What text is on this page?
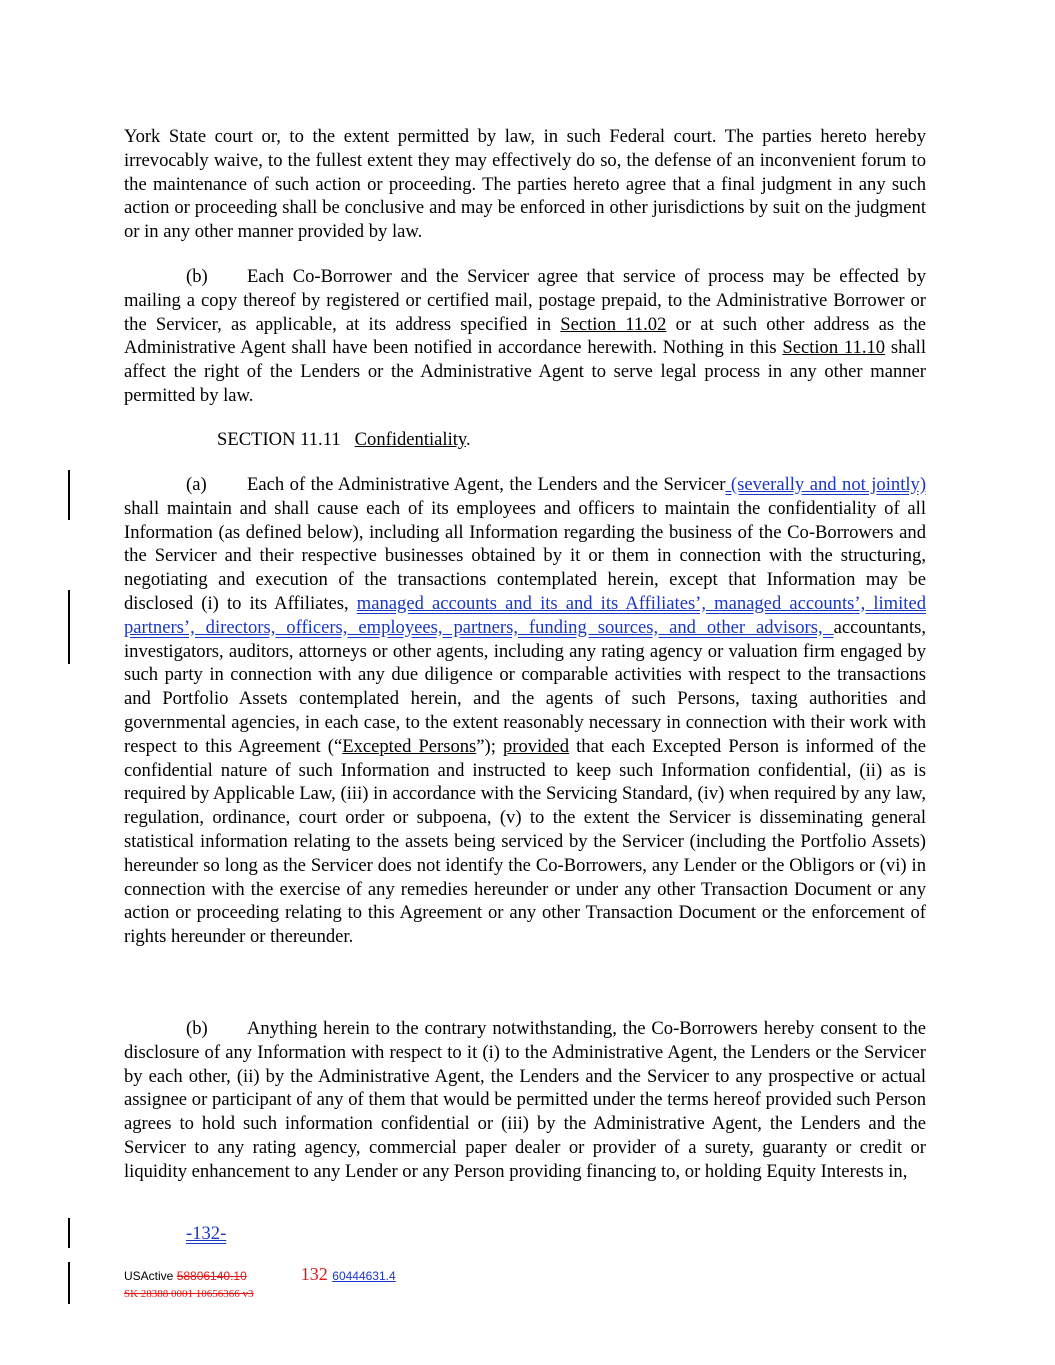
York State court or, to the extent permitted by law, in such Federal court. The parties hereto hereby irrevocably waive, to the fullest extent they may effectively do so, the defense of an inconvenient forum to the maintenance of such action or proceeding. The parties hereto agree that a final judgment in any such action or proceeding shall be conclusive and may be enforced in other jurisdictions by suit on the judgment or in any other manner provided by law.

(b) Each Co-Borrower and the Servicer agree that service of process may be effected by mailing a copy thereof by registered or certified mail, postage prepaid, to the Administrative Borrower or the Servicer, as applicable, at its address specified in Section 11.02 or at such other address as the Administrative Agent shall have been notified in accordance herewith. Nothing in this Section 11.10 shall affect the right of the Lenders or the Administrative Agent to serve legal process in any other manner permitted by law.

SECTION 11.11 Confidentiality.

(a) Each of the Administrative Agent, the Lenders and the Servicer (severally and not jointly) shall maintain and shall cause each of its employees and officers to maintain the confidentiality of all Information (as defined below), including all Information regarding the business of the Co-Borrowers and the Servicer and their respective businesses obtained by it or them in connection with the structuring, negotiating and execution of the transactions contemplated herein, except that Information may be disclosed (i) to its Affiliates, managed accounts and its and its Affiliates’, managed accounts’, limited partners’, directors, officers, employees, partners, funding sources, and other advisors, accountants, investigators, auditors, attorneys or other agents, including any rating agency or valuation firm engaged by such party in connection with any due diligence or comparable activities with respect to the transactions and Portfolio Assets contemplated herein, and the agents of such Persons, taxing authorities and governmental agencies, in each case, to the extent reasonably necessary in connection with their work with respect to this Agreement (“Excepted Persons”); provided that each Excepted Person is informed of the confidential nature of such Information and instructed to keep such Information confidential, (ii) as is required by Applicable Law, (iii) in accordance with the Servicing Standard, (iv) when required by any law, regulation, ordinance, court order or subpoena, (v) to the extent the Servicer is disseminating general statistical information relating to the assets being serviced by the Servicer (including the Portfolio Assets) hereunder so long as the Servicer does not identify the Co-Borrowers, any Lender or the Obligors or (vi) in connection with the exercise of any remedies hereunder or under any other Transaction Document or any action or proceeding relating to this Agreement or any other Transaction Document or the enforcement of rights hereunder or thereunder.

(b) Anything herein to the contrary notwithstanding, the Co-Borrowers hereby consent to the disclosure of any Information with respect to it (i) to the Administrative Agent, the Lenders or the Servicer by each other, (ii) by the Administrative Agent, the Lenders and the Servicer to any prospective or actual assignee or participant of any of them that would be permitted under the terms hereof provided such Person agrees to hold such information confidential or (iii) by the Administrative Agent, the Lenders and the Servicer to any rating agency, commercial paper dealer or provider of a surety, guaranty or credit or liquidity enhancement to any Lender or any Person providing financing to, or holding Equity Interests in,

-132-
USActive 58806140.10	132 60444631.4
SK 28388 0001 10656366 v3
